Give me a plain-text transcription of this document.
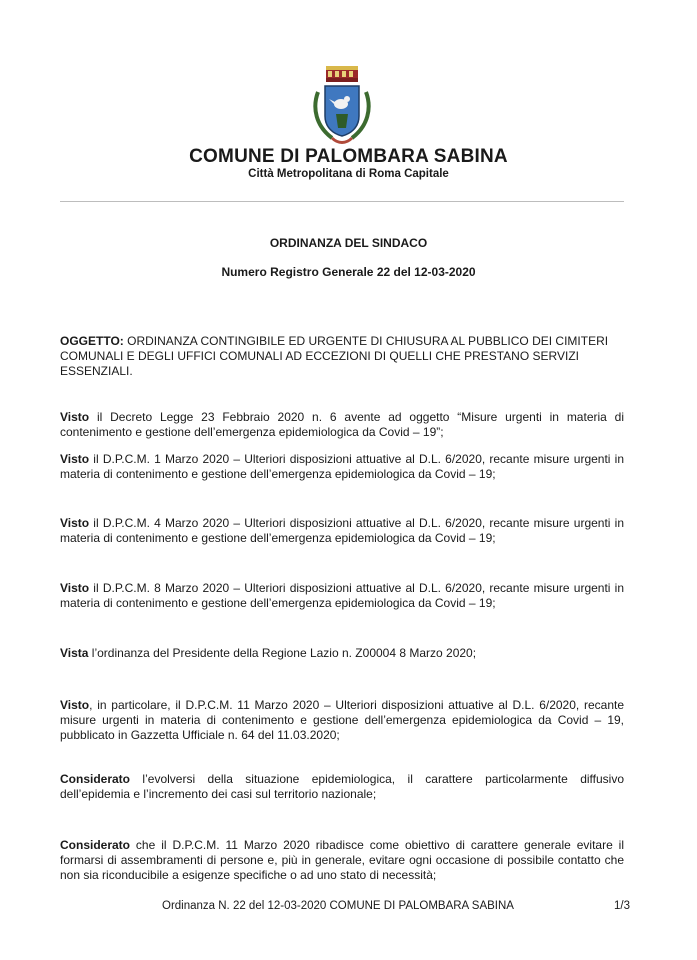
COMUNE DI PALOMBARA SABINA
Città Metropolitana di Roma Capitale
ORDINANZA DEL SINDACO
Numero Registro Generale 22 del 12-03-2020
OGGETTO: ORDINANZA CONTINGIBILE ED URGENTE DI CHIUSURA AL PUBBLICO DEI CIMITERI COMUNALI E DEGLI UFFICI COMUNALI AD ECCEZIONI DI QUELLI CHE PRESTANO SERVIZI ESSENZIALI.
Visto il Decreto Legge 23 Febbraio 2020 n. 6 avente ad oggetto “Misure urgenti in materia di contenimento e gestione dell’emergenza epidemiologica da Covid – 19”;
Visto il D.P.C.M. 1 Marzo 2020 – Ulteriori disposizioni attuative al D.L. 6/2020, recante misure urgenti in materia di contenimento e gestione dell’emergenza epidemiologica da Covid – 19;
Visto il D.P.C.M. 4 Marzo 2020 – Ulteriori disposizioni attuative al D.L. 6/2020, recante misure urgenti in materia di contenimento e gestione dell’emergenza epidemiologica da Covid – 19;
Visto il D.P.C.M. 8 Marzo 2020 – Ulteriori disposizioni attuative al D.L. 6/2020, recante misure urgenti in materia di contenimento e gestione dell’emergenza epidemiologica da Covid – 19;
Vista l’ordinanza del Presidente della Regione Lazio n. Z00004 8 Marzo 2020;
Visto, in particolare, il D.P.C.M. 11 Marzo 2020 – Ulteriori disposizioni attuative al D.L. 6/2020, recante misure urgenti in materia di contenimento e gestione dell’emergenza epidemiologica da Covid – 19, pubblicato in Gazzetta Ufficiale n. 64 del 11.03.2020;
Considerato l’evolversi della situazione epidemiologica, il carattere particolarmente diffusivo dell’epidemia e l’incremento dei casi sul territorio nazionale;
Considerato che il D.P.C.M. 11 Marzo 2020 ribadisce come obiettivo di carattere generale evitare il formarsi di assembramenti di persone e, più in generale, evitare ogni occasione di possibile contatto che non sia riconducibile a esigenze specifiche o ad uno stato di necessità;
Ordinanza N. 22 del 12-03-2020 COMUNE DI PALOMBARA SABINA	1/3
